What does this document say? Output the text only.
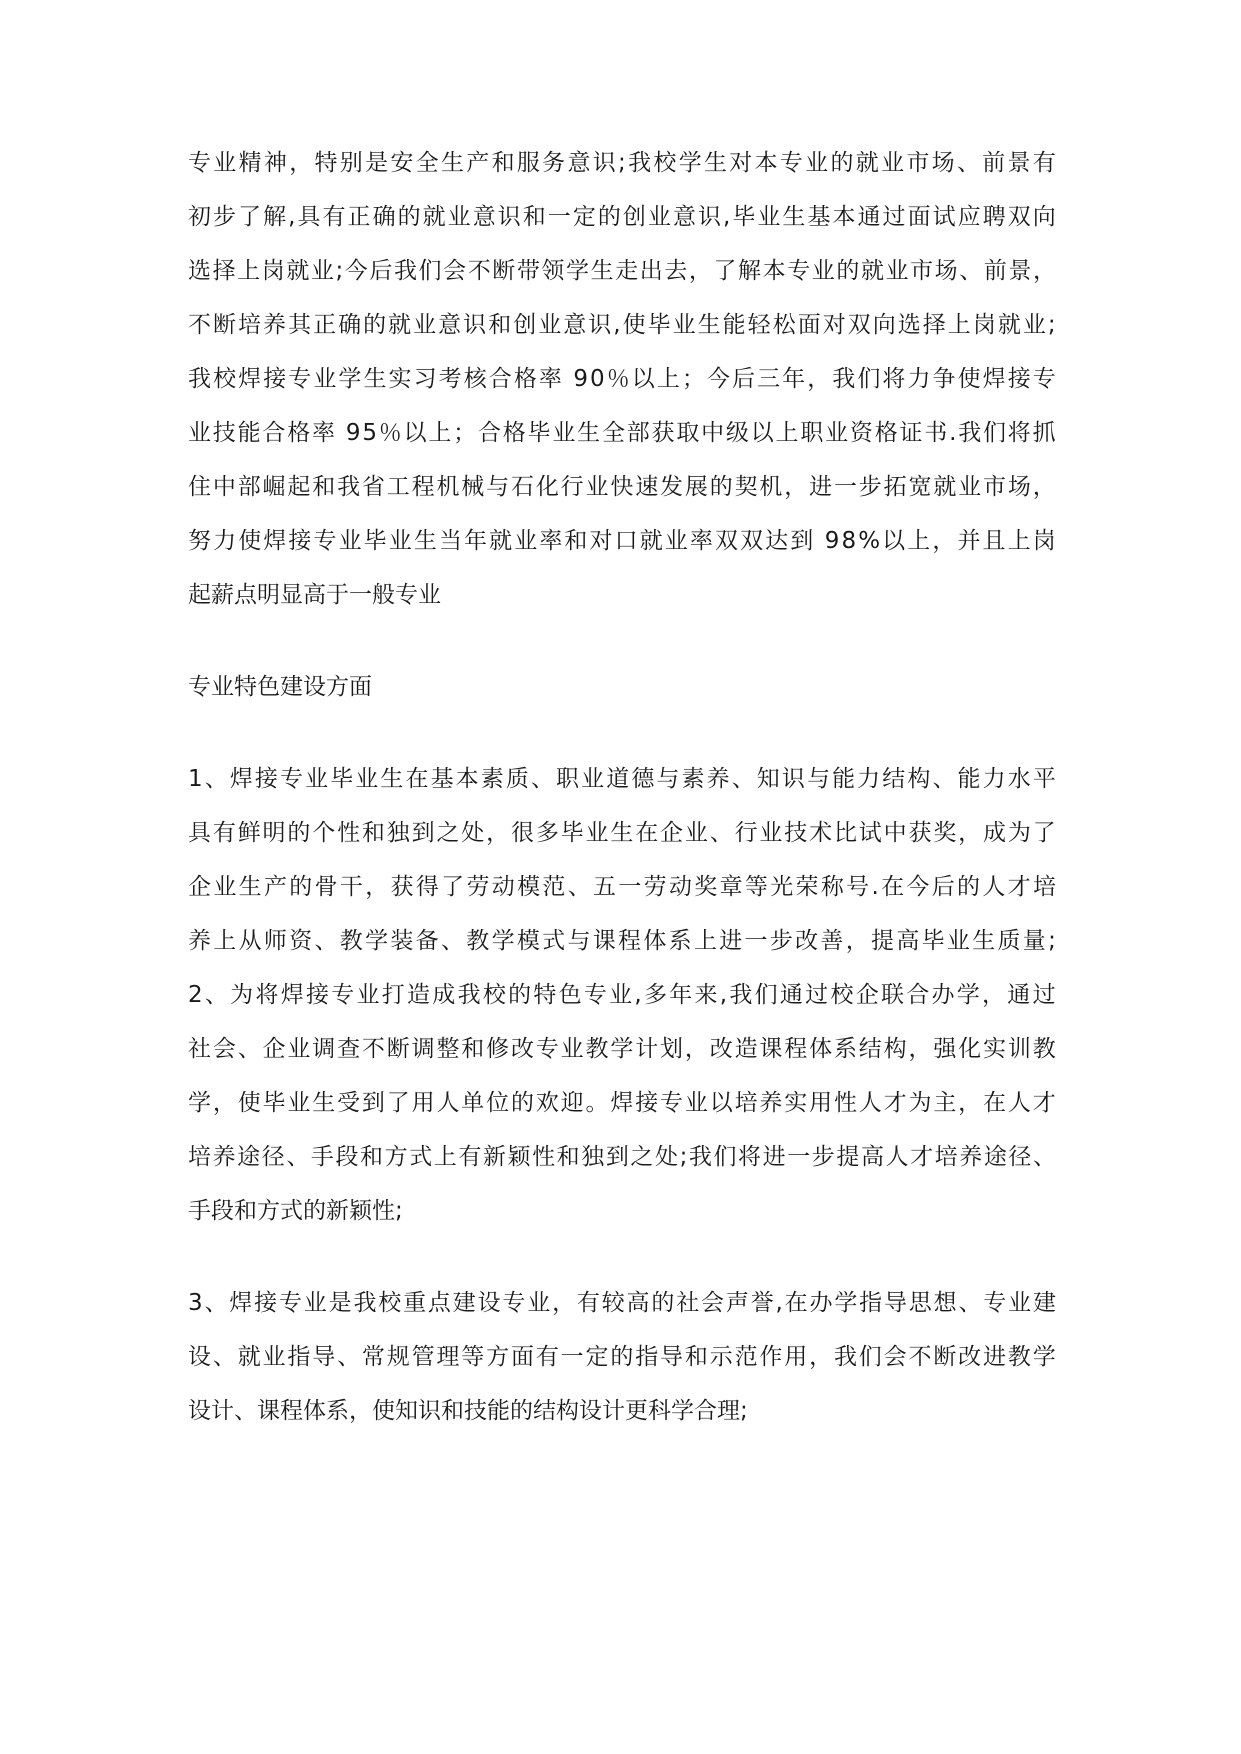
专 业 精 神 ， 特 别 是 安 全 生 产 和 服 务 意 识 ; 我 校 学 生 对 本 专 业 的 就 业 市 场 、 前 景 有
初 步 了 解 , 具 有 正 确 的 就 业 意 识 和 一 定 的 创 业 意 识 , 毕 业 生 基 本 通 过 面 试 应 聘 双 向
选 择 上 岗 就 业 ; 今 后 我 们 会 不 断 带 领 学 生 走 出 去 ， 了 解 本 专 业 的 就 业 市 场 、 前 景 ，
不 断 培 养 其 正 确 的 就 业 意 识 和 创 业 意 识 , 使 毕 业 生 能 轻 松 面 对 双 向 选 择 上 岗 就 业 ;
我 校 焊 接 专 业 学 生 实 习 考 核 合 格 率
9 0 ％ 以 上 ； 今 后 三 年 ， 我 们 将 力 争 使 焊 接 专
业 技 能 合 格 率
9 5 ％ 以 上 ； 合 格 毕 业 生 全 部 获 取 中 级 以 上 职 业 资 格 证 书 . 我 们 将 抓
住 中 部 崛 起 和 我 省 工 程 机 械 与 石 化 行 业 快 速 发 展 的 契 机 ， 进 一 步 拓 宽 就 业 市 场 ，
努 力 使 焊 接 专 业 毕 业 生 当 年 就 业 率 和 对 口 就 业 率 双 双 达 到
9 8 % 以 上 ， 并 且 上 岗
起薪点明显高于一般专业
专业特色建设方面
1 、 焊 接 专 业 毕 业 生 在 基 本 素 质 、 职 业 道 德 与 素 养 、 知 识 与 能 力 结 构 、 能 力 水 平
具 有 鲜 明 的 个 性 和 独 到 之 处 ， 很 多 毕 业 生 在 企 业 、 行 业 技 术 比 试 中 获 奖 ， 成 为 了
企 业 生 产 的 骨 干 ， 获 得 了 劳 动 模 范 、 五 一 劳 动 奖 章 等 光 荣 称 号 . 在 今 后 的 人 才 培
养 上 从 师 资 、 教 学 装 备 、 教 学 模 式 与 课 程 体 系 上 进 一 步 改 善 ， 提 高 毕 业 生 质 量 ;
2 、 为 将 焊 接 专 业 打 造 成 我 校 的 特 色 专 业 , 多 年 来 , 我 们 通 过 校 企 联 合 办 学 ， 通 过
社 会 、 企 业 调 查 不 断 调 整 和 修 改 专 业 教 学 计 划 ， 改 造 课 程 体 系 结 构 ， 强 化 实 训 教
学 ， 使 毕 业 生 受 到 了 用 人 单 位 的 欢 迎 。 焊 接 专 业 以 培 养 实 用 性 人 才 为 主 ， 在 人 才
培 养 途 径 、 手 段 和 方 式 上 有 新 颖 性 和 独 到 之 处 ; 我 们 将 进 一 步 提 高 人 才 培 养 途 径 、
手段和方式的新颖性;
3 、 焊 接 专 业 是 我 校 重 点 建 设 专 业 ， 有 较 高 的 社 会 声 誉 , 在 办 学 指 导 思 想 、 专 业 建
设 、 就 业 指 导 、 常 规 管 理 等 方 面 有 一 定 的 指 导 和 示 范 作 用 ， 我 们 会 不 断 改 进 教 学
设计、课程体系，使知识和技能的结构设计更科学合理;
